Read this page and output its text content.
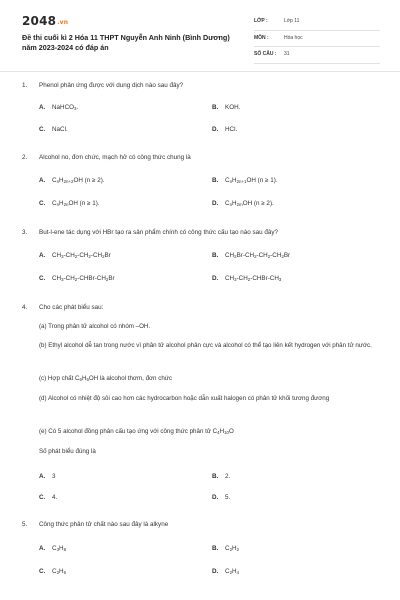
2048.vn
Đề thi cuối kì 2 Hóa 11 THPT Nguyễn Anh Ninh (Bình Dương) năm 2023-2024 có đáp án
LỚP :	Lớp 11
MÔN :	Hóa học
SỐ CÂU : 31
1. Phenol phản ứng được với dung dịch nào sau đây?
A. NaHCO$_3$.	B. KOH.
C. NaCl.	D. HCl.
2. Alcohol no, đơn chức, mạch hở có công thức chung là
A. $C_nH_{2n+2}OH$ (n ≥ 2).	B. $C_nH_{2n+1}OH$ (n ≥ 1).
C. $C_nH_{2n}OH$ (n ≥ 1).	D. $C_nH_{2m}OH$ (n ≥ 2).
3. But-l-ene tác dụng với HBr tạo ra sản phẩm chính có công thức cấu tạo nào sau đây?
A. $CH_3-CH_2-CH_2-CH_2Br$	B. $CH_2Br-CH_2-CH_2-CH_2Br$
C. $CH_3-CH_2-CHBr-CH_2Br$	D. $CH_3-CH_2-CHBr-CH_3$
4. Cho các phát biểu sau:
(a) Trong phân tử alcohol có nhóm –OH.
(b) Ethyl alcohol dễ tan trong nước vì phân tử alcohol phân cực và alcohol có thể tạo liên kết hydrogen với phân tử nước.
(c) Hợp chất $C_6H_5OH$ là alcohol thơm, đơn chức
(d) Alcohol có nhiệt độ sôi cao hơn các hydrocarbon hoặc dẫn xuất halogen có phân tử khối tương đương
(e) Có 5 alcohol đồng phân cấu tạo ứng với công thức phân tử $C_4H_{10}O$
Số phát biểu đúng là
A. 3	B. 2.
C. 4.	D. 5.
5. Công thức phân tử chất nào sau đây là alkyne
A. $C_3H_8$	B. $C_2H_2$
C. $C_2H_6$	D. $C_2H_4$
